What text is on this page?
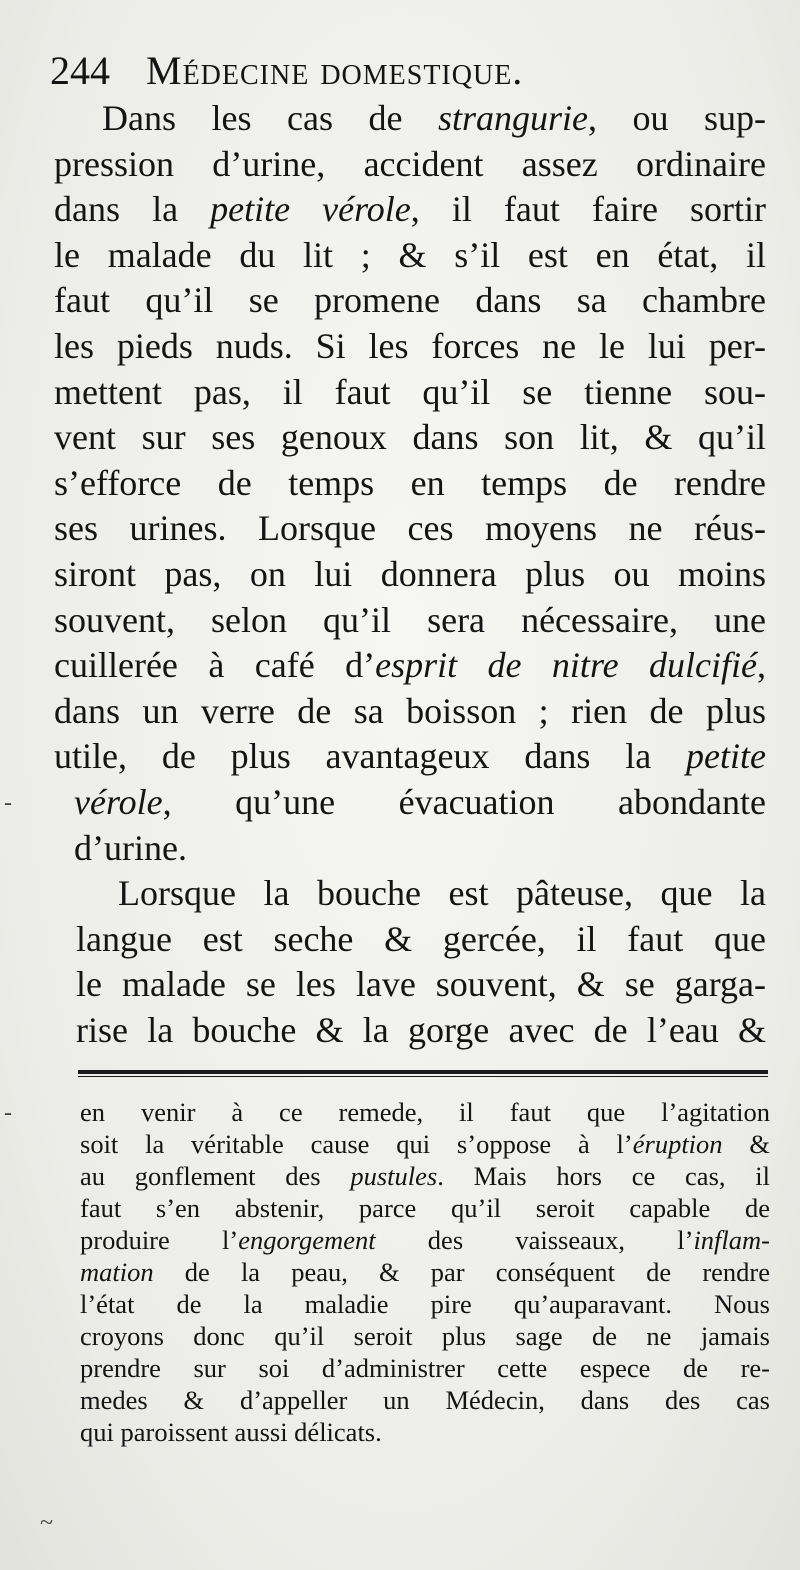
244 Médecine domestique.
Dans les cas de strangurie, ou sup-
pression d’urine, accident assez ordinaire
dans la petite vérole, il faut faire sortir
le malade du lit ; & s’il est en état, il
faut qu’il se promene dans sa chambre
les pieds nuds. Si les forces ne le lui per-
mettent pas, il faut qu’il se tienne sou-
vent sur ses genoux dans son lit, & qu’il
s’efforce de temps en temps de rendre
ses urines. Lorsque ces moyens ne réus-
siront pas, on lui donnera plus ou moins
souvent, selon qu’il sera nécessaire, une
cuillerée à café d’esprit de nitre dulcifié,
dans un verre de sa boisson ; rien de plus
utile, de plus avantageux dans la petite
vérole, qu’une évacuation abondante
d’urine.
Lorsque la bouche est pâteuse, que la
langue est seche & gercée, il faut que
le malade se les lave souvent, & se garga-
rise la bouche & la gorge avec de l’eau &
en venir à ce remede, il faut que l’agitation
soit la véritable cause qui s’oppose à l’éruption &
au gonflement des pustules. Mais hors ce cas, il
faut s’en abstenir, parce qu’il seroit capable de
produire l’engorgement des vaisseaux, l’inflam-
mation de la peau, & par conséquent de rendre
l’état de la maladie pire qu’auparavant. Nous
croyons donc qu’il seroit plus sage de ne jamais
prendre sur soi d’administrer cette espece de re-
medes & d’appeller un Médecin, dans des cas
qui paroissent aussi délicats.
-
-
~
